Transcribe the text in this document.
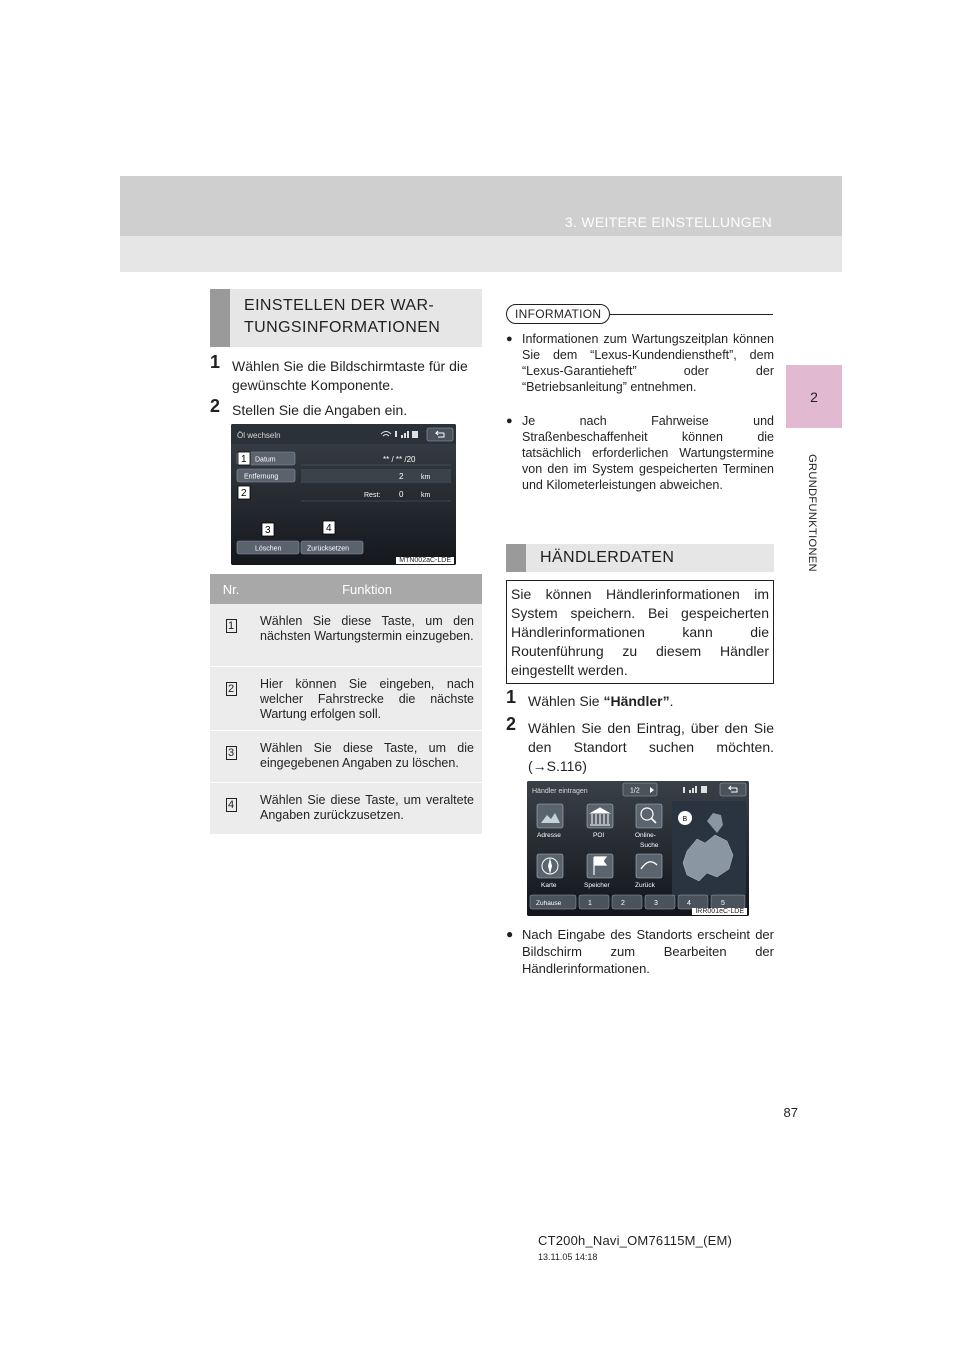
3. WEITERE EINSTELLUNGEN
2
GRUNDFUNKTIONEN
87
EINSTELLEN DER WAR-
TUNGSINFORMATIONEN
1 Wählen Sie die Bildschirmtaste für die gewünschte Komponente.
2 Stellen Sie die Angaben ein.
Öl wechseln
Datum	** / ** /20
Entfernung	2	km
Rest: 0	km
1
2
3	4
Löschen	Zurücksetzen
MTN002aC-LDE
Nr.	Funktion
1	Wählen Sie diese Taste, um den nächsten Wartungstermin einzugeben.
2	Hier können Sie eingeben, nach welcher Fahrstrecke die nächste Wartung erfolgen soll.
3	Wählen Sie diese Taste, um die eingegebenen Angaben zu löschen.
4	Wählen Sie diese Taste, um veraltete Angaben zurückzusetzen.
INFORMATION
● Informationen zum Wartungszeitplan können Sie dem “Lexus-Kundendienstheft”, dem “Lexus-Garantieheft” oder der “Betriebsanleitung” entnehmen.
● Je nach Fahrweise und Straßenbeschaffenheit können die tatsächlich erforderlichen Wartungstermine von den im System gespeicherten Terminen und Kilometerleistungen abweichen.
HÄNDLERDATEN
Sie können Händlerinformationen im System speichern. Bei gespeicherten Händlerinformationen kann die Routenführung zu diesem Händler eingestellt werden.
1 Wählen Sie “Händler”.
2 Wählen Sie den Eintrag, über den Sie den Standort suchen möchten. (→S.116)
Händler eintragen	1/2
B
Adresse	POI	Online-
Suche
Karte	Speicher	Zurück
Zuhause	1	2	3	4	5
IRR001eC-LDE
● Nach Eingabe des Standorts erscheint der Bildschirm zum Bearbeiten der Händlerinformationen.
CT200h_Navi_OM76115M_(EM)
13.11.05 14:18
